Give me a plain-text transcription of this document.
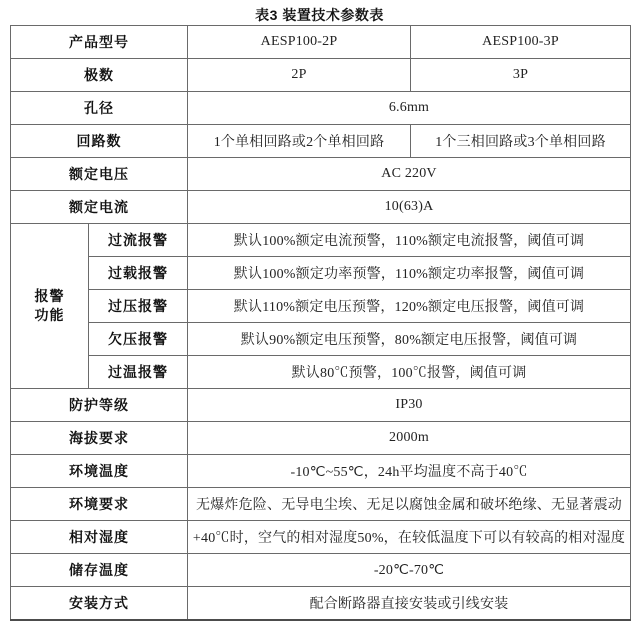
表3 装置技术参数表
产品型号		AESP100-2P	AESP100-3P
极数		2P	3P
孔径		6.6mm	
回路数		1个单相回路或2个单相回路	1个三相回路或3个单相回路
额定电压		AC 220V	
额定电流		10(63)A	
报警功能	过流报警	默认100%额定电流预警，110%额定电流报警，阈值可调	
	过载报警	默认100%额定功率预警，110%额定功率报警，阈值可调	
	过压报警	默认110%额定电压预警，120%额定电压报警，阈值可调	
	欠压报警	默认90%额定电压预警，80%额定电压报警，阈值可调	
	过温报警	默认80℃预警，100℃报警，阈值可调	
防护等级		IP30	
海拔要求		2000m	
环境温度		-10℃~55℃，24h平均温度不高于40℃	
环境要求		无爆炸危险、无导电尘埃、无足以腐蚀金属和破坏绝缘、无显著震动	
相对湿度		+40℃时，空气的相对湿度50%，在较低温度下可以有较高的相对湿度	
储存温度		-20℃-70℃	
安装方式		配合断路器直接安装或引线安装	
